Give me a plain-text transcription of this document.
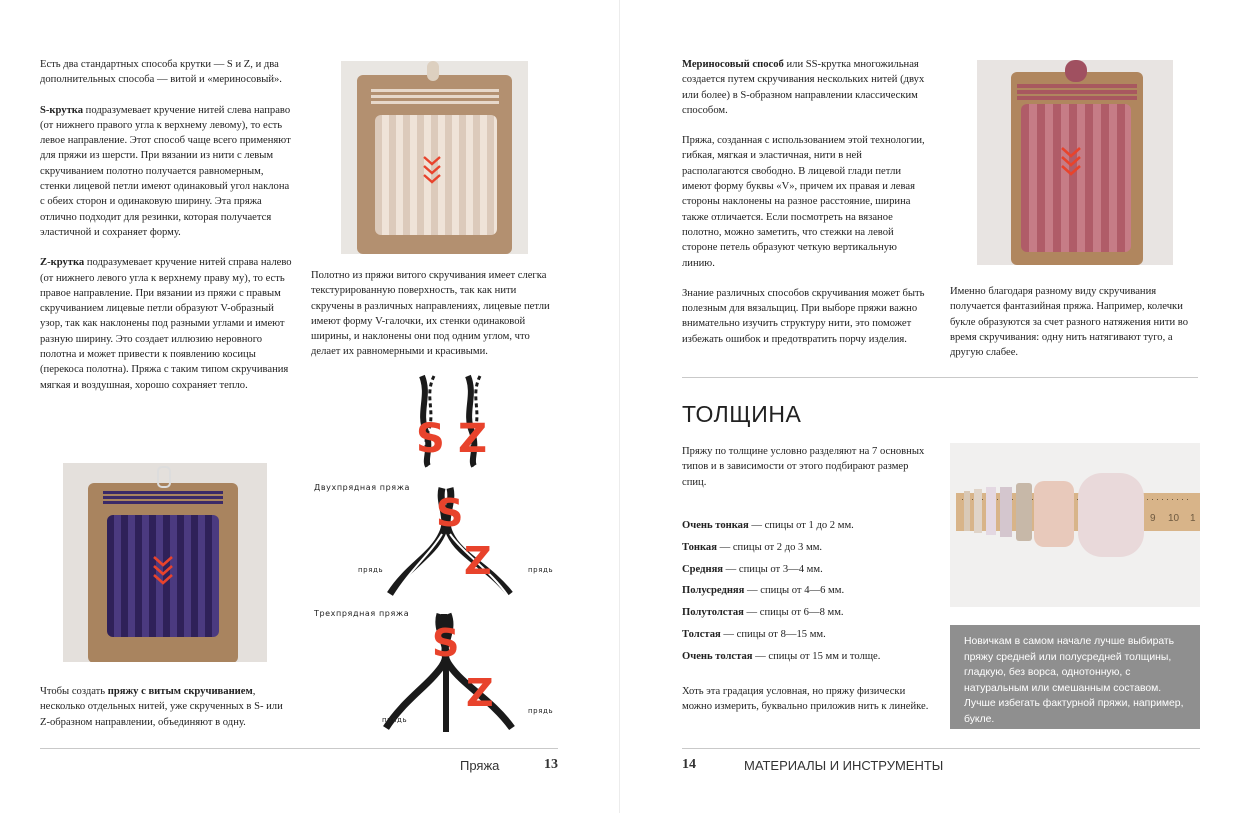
Есть два стандартных способа крутки — S и Z, и два дополнительных способа — витой и «мериносовый».

S-крутка подразумевает кручение нитей слева направо (от нижнего правого угла к верхнему левому), то есть левое направление. Этот способ чаще всего применяют для пряжи из шерсти. При вязании из нити с левым скручиванием полотно получается равномерным, стенки лицевой петли имеют одинаковый угол наклона с обеих сторон и одинаковую ширину. Эта пряжа отлично подходит для резинки, которая получается эластичной и сохраняет форму.

Z-крутка подразумевает кручение нитей справа налево (от нижнего левого угла к верхнему праву му), то есть правое направление. При вязании из пряжи с правым скручиванием лицевые петли образуют V-образный узор, так как наклонены под разными углами и имеют разную ширину. Это создает иллюзию неровного полотна и может привести к появлению косицы (перекоса полотна). Пряжа с таким типом скручивания мягкая и воздушная, хорошо сохраняет тепло.

Чтобы создать пряжу с витым скручиванием, несколько отдельных нитей, уже скрученных в S- или Z-образном направлении, объединяют в одну.

Полотно из пряжи витого скручивания имеет слегка текстурированную поверхность, так как нити скручены в различных направлениях, лицевые петли имеют форму V-галочки, их стенки одинаковой ширины, и наклонены они под одним углом, что делает их равномерными и красивыми.

S Z
Двухпрядная пряжа
S
Z
прядь	прядь
Трехпрядная пряжа
S
Z
прядь
прядь
Пряжа	13

Мериносовый способ или SS-крутка многожильная создается путем скручивания нескольких нитей (двух или более) в S-образном направлении классическим способом.

Пряжа, созданная с использованием этой технологии, гибкая, мягкая и эластичная, нити в ней располагаются свободно. В лицевой глади петли имеют форму буквы «V», причем их правая и левая стороны наклонены на разное расстояние, ширина также отличается. Если посмотреть на вязаное полотно, можно заметить, что стежки на левой стороне петель образуют четкую вертикальную линию.

Знание различных способов скручивания может быть полезным для вязальщиц. При выборе пряжи важно внимательно изучить структуру нити, это поможет избежать ошибок и предотвратить порчу изделия.

Именно благодаря разному виду скручивания получается фантазийная пряжа. Например, колечки букле образуются за счет разного натяжения нити во время скручивания: одну нить натягивают туго, а другую слабее.

ТОЛЩИНА

Пряжу по толщине условно разделяют на 7 основных типов и в зависимости от этого подбирают размер спиц.

Очень тонкая — спицы от 1 до 2 мм.

Тонкая — спицы от 2 до 3 мм.

Средняя — спицы от 3—4 мм.

Полусредняя — спицы от 4—6 мм.

Полутолстая — спицы от 6—8 мм.

Толстая — спицы от 8—15 мм.

Очень толстая — спицы от 15 мм и толще.

Хоть эта градация условная, но пряжу физически можно измерить, буквально приложив нить к линейке.

9 10 1
Новичкам в самом начале лучше выбирать пряжу средней или полусредней толщины, гладкую, без ворса, однотонную, с натуральным или смешанным составом. Лучше избегать фактурной пряжи, например, букле.
14	МАТЕРИАЛЫ И ИНСТРУМЕНТЫ
